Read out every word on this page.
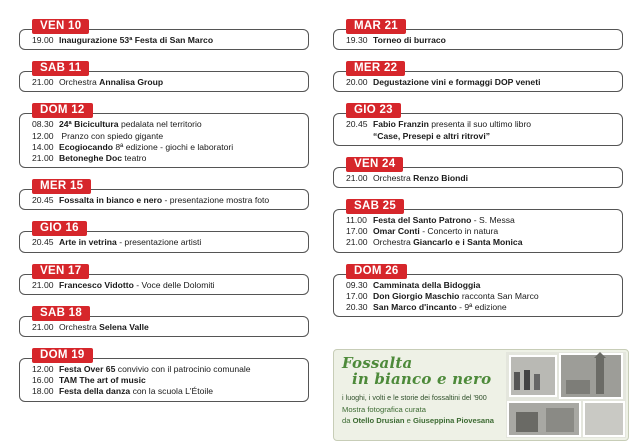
VEN 10
19.00 Inaugurazione 53ª Festa di San Marco
SAB 11
21.00 Orchestra Annalisa Group
DOM 12
08.30 24ª Bicicultura pedalata nel territorio
12.00 Pranzo con spiedo gigante
14.00 Ecogiocando 8ª edizione - giochi e laboratori
21.00 Betoneghe Doc teatro
MER 15
20.45 Fossalta in bianco e nero - presentazione mostra foto
GIO 16
20.45 Arte in vetrina - presentazione artisti
VEN 17
21.00 Francesco Vidotto - Voce delle Dolomiti
SAB 18
21.00 Orchestra Selena Valle
DOM 19
12.00 Festa Over 65 convivio con il patrocinio comunale
16.00 TAM The art of music
18.00 Festa della danza con la scuola L'Étoile
MAR 21
19.30 Torneo di burraco
MER 22
20.00 Degustazione vini e formaggi DOP veneti
GIO 23
20.45 Fabio Franzin presenta il suo ultimo libro
“Case, Presepi e altri ritrovi”
VEN 24
21.00 Orchestra Renzo Biondi
SAB 25
11.00 Festa del Santo Patrono - S. Messa
17.00 Omar Conti - Concerto in natura
21.00 Orchestra Giancarlo e i Santa Monica
DOM 26
09.30 Camminata della Bidoggia
17.00 Don Giorgio Maschio racconta San Marco
20.30 San Marco d'incanto - 9ª edizione
Fossalta
in bianco e nero
i luoghi, i volti e le storie dei fossaltini del '900
Mostra fotografica curata
da Otello Drusian e Giuseppina Piovesana
